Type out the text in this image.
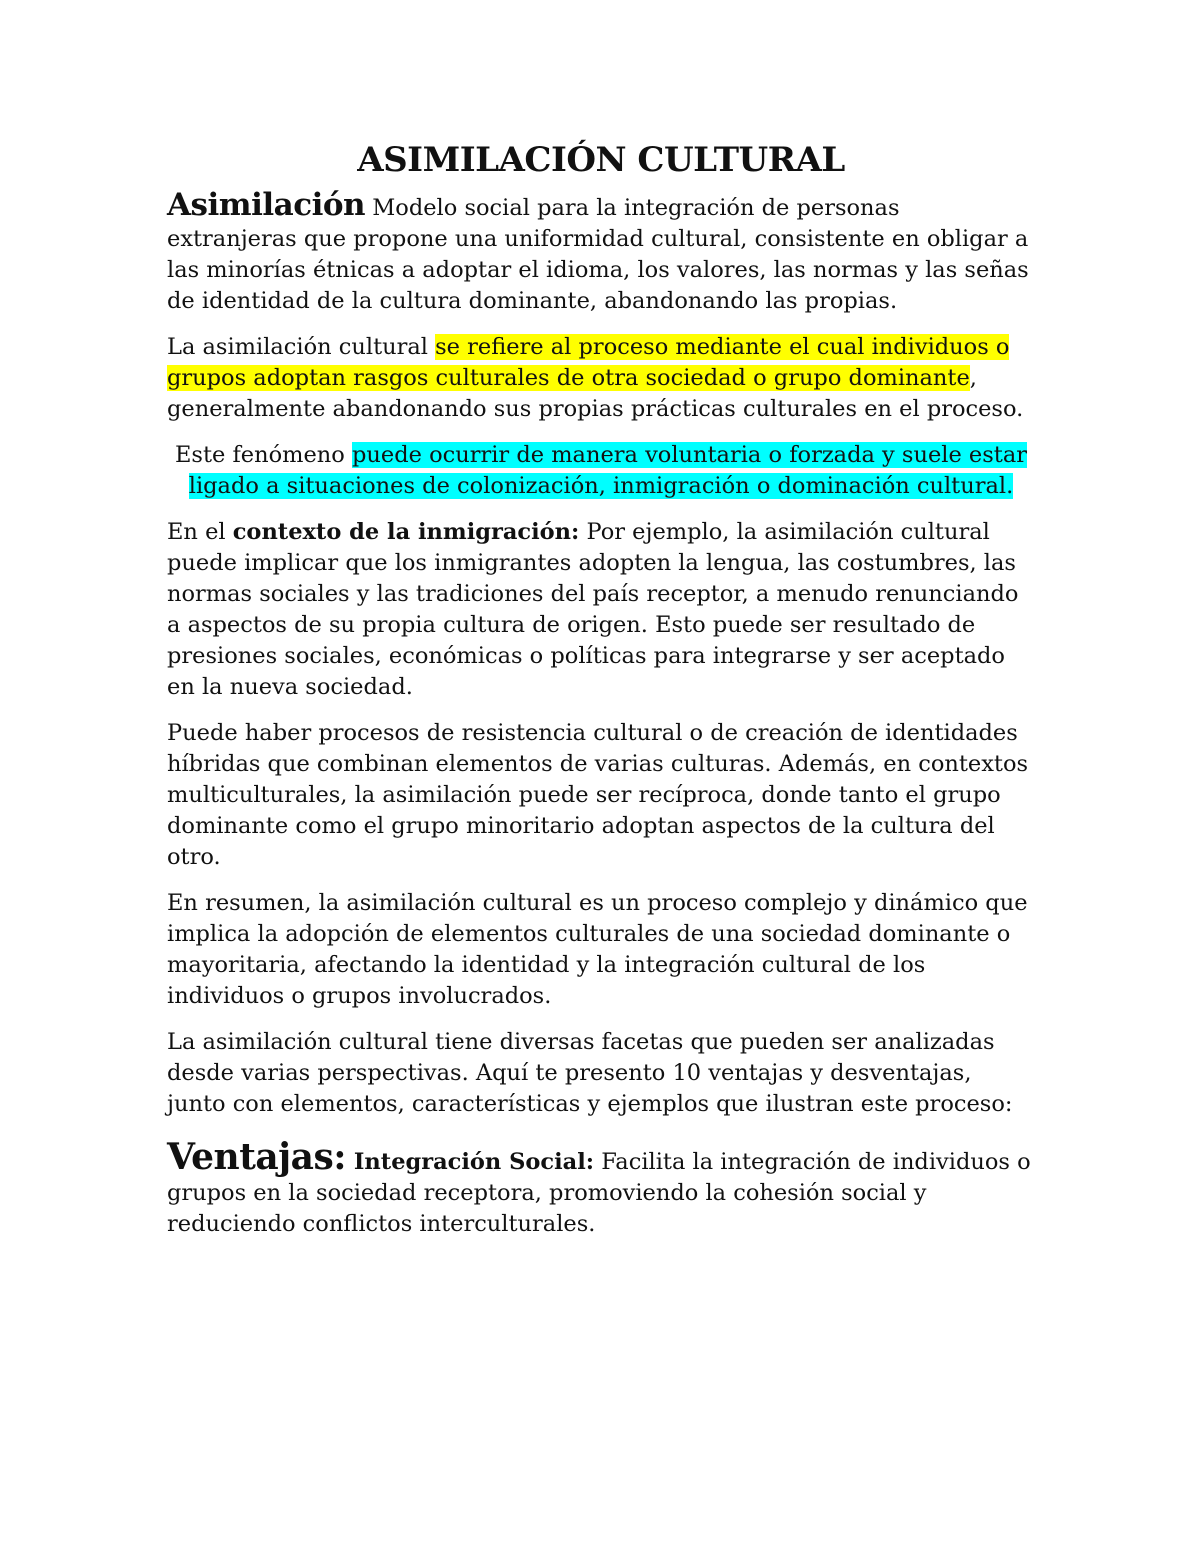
ASIMILACIÓN CULTURAL

Asimilación Modelo social para la integración de personas extranjeras que propone una uniformidad cultural, consistente en obligar a las minorías étnicas a adoptar el idioma, los valores, las normas y las señas de identidad de la cultura dominante, abandonando las propias.

La asimilación cultural se refiere al proceso mediante el cual individuos o grupos adoptan rasgos culturales de otra sociedad o grupo dominante, generalmente abandonando sus propias prácticas culturales en el proceso.

Este fenómeno puede ocurrir de manera voluntaria o forzada y suele estar ligado a situaciones de colonización, inmigración o dominación cultural.

En el contexto de la inmigración: Por ejemplo, la asimilación cultural puede implicar que los inmigrantes adopten la lengua, las costumbres, las normas sociales y las tradiciones del país receptor, a menudo renunciando a aspectos de su propia cultura de origen. Esto puede ser resultado de presiones sociales, económicas o políticas para integrarse y ser aceptado en la nueva sociedad.

Puede haber procesos de resistencia cultural o de creación de identidades híbridas que combinan elementos de varias culturas. Además, en contextos multiculturales, la asimilación puede ser recíproca, donde tanto el grupo dominante como el grupo minoritario adoptan aspectos de la cultura del otro.

En resumen, la asimilación cultural es un proceso complejo y dinámico que implica la adopción de elementos culturales de una sociedad dominante o mayoritaria, afectando la identidad y la integración cultural de los individuos o grupos involucrados.

La asimilación cultural tiene diversas facetas que pueden ser analizadas desde varias perspectivas. Aquí te presento 10 ventajas y desventajas, junto con elementos, características y ejemplos que ilustran este proceso:

Ventajas: Integración Social: Facilita la integración de individuos o grupos en la sociedad receptora, promoviendo la cohesión social y reduciendo conflictos interculturales.
